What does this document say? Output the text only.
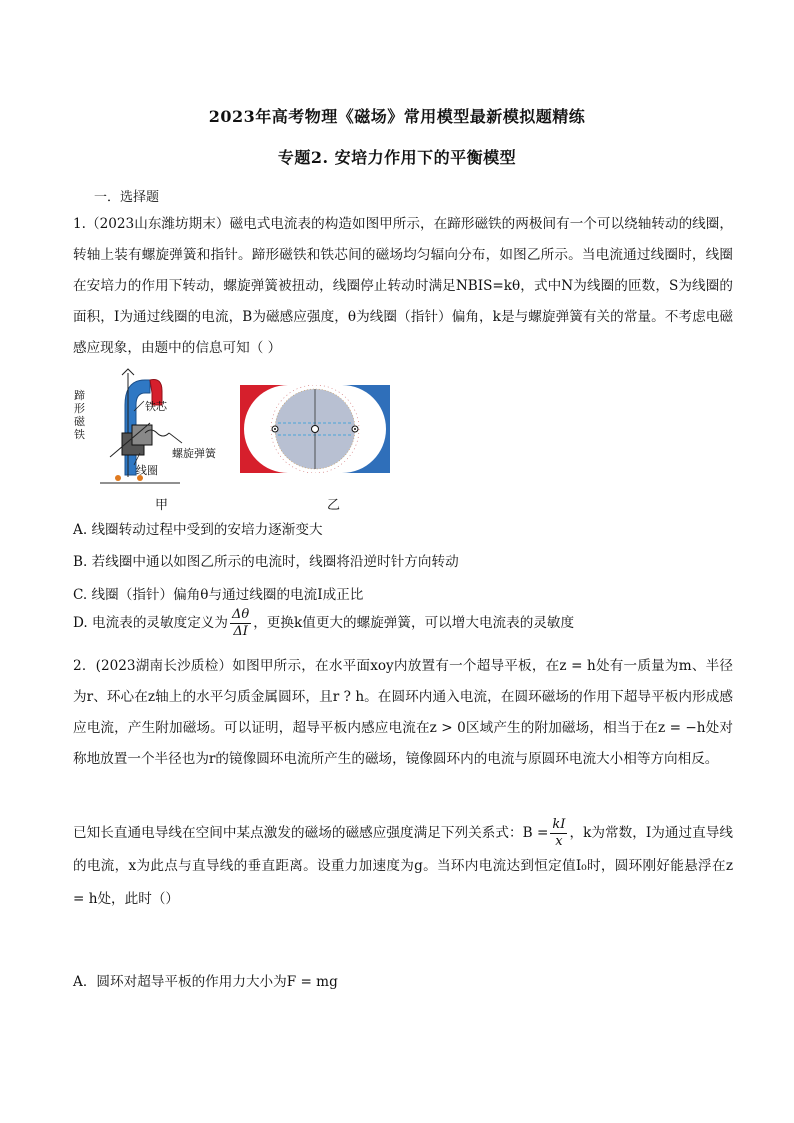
2023年高考物理《磁场》常用模型最新模拟题精练
专题2. 安培力作用下的平衡模型
一．选择题
1.（2023山东潍坊期末）磁电式电流表的构造如图甲所示，在蹄形磁铁的两极间有一个可以绕轴转动的线圈，转轴上装有螺旋弹簧和指针。蹄形磁铁和铁芯间的磁场均匀辐向分布，如图乙所示。当电流通过线圈时，线圈在安培力的作用下转动，螺旋弹簧被扭动，线圈停止转动时满足NBIS=kθ，式中N为线圈的匝数，S为线圈的面积，I为通过线圈的电流，B为磁感应强度，θ为线圈（指针）偏角，k是与螺旋弹簧有关的常量。不考虑电磁感应现象，由题中的信息可知（ ）
蹄形磁铁
铁芯
螺旋弹簧
线圈
甲
N极	S极
乙
A. 线圈转动过程中受到的安培力逐渐变大
B. 若线圈中通以如图乙所示的电流时，线圈将沿逆时针方向转动
C. 线圈（指针）偏角θ与通过线圈的电流I成正比
D. 电流表的灵敏度定义为 $\frac{\Delta\theta}{\Delta I}$ ，更换k值更大的螺旋弹簧，可以增大电流表的灵敏度
2．(2023湖南长沙质检）如图甲所示，在水平面xoy内放置有一个超导平板，在z = h处有一质量为m、半径为r、环心在z轴上的水平匀质金属圆环，且r ? h。在圆环内通入电流，在圆环磁场的作用下超导平板内形成感应电流，产生附加磁场。可以证明，超导平板内感应电流在z > 0区域产生的附加磁场，相当于在z = −h处对称地放置一个半径也为r的镜像圆环电流所产生的磁场，镜像圆环内的电流与原圆环电流大小相等方向相反。
已知长直通电导线在空间中某点激发的磁场的磁感应强度满足下列关系式：$B = \frac{kI}{x}$ ，k为常数，I为通过直导线的电流，x为此点与直导线的垂直距离。设重力加速度为g。当环内电流达到恒定值I₀时，圆环刚好能悬浮在z = h处，此时（）
A．圆环对超导平板的作用力大小为F = mg
